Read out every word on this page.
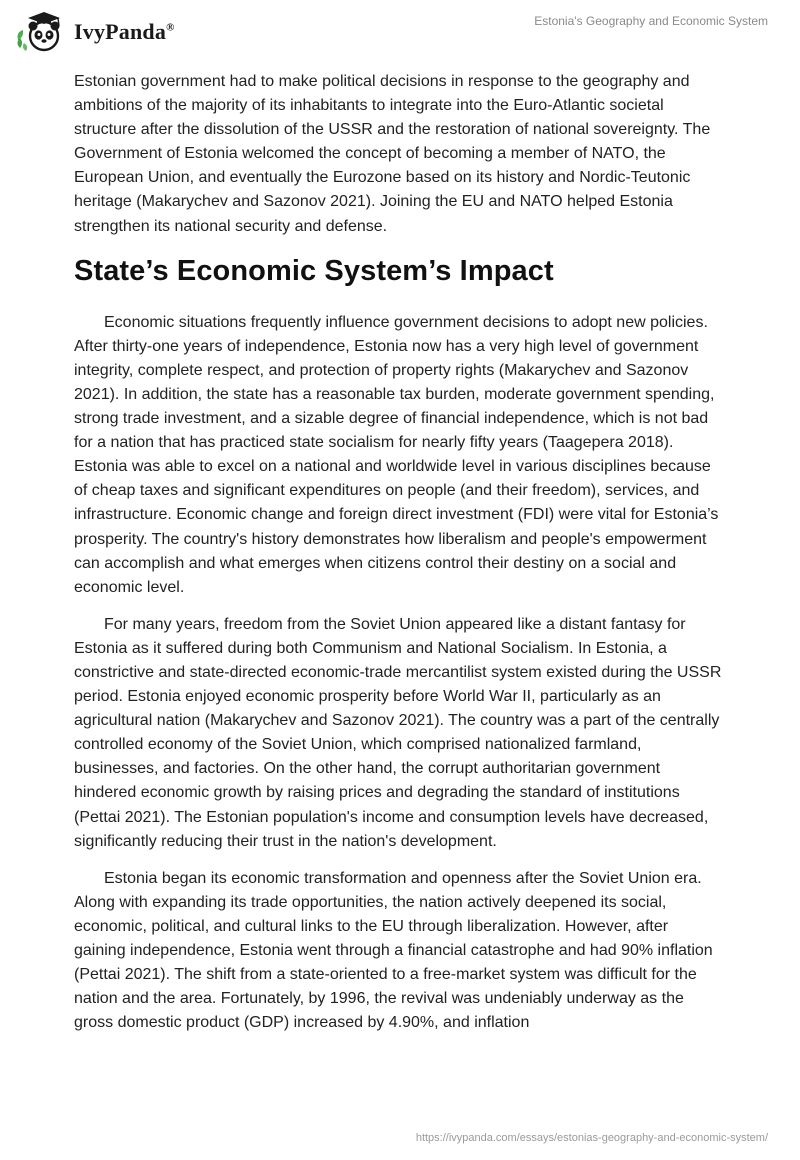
IvyPanda®	Estonia's Geography and Economic System

Estonian government had to make political decisions in response to the geography and ambitions of the majority of its inhabitants to integrate into the Euro-Atlantic societal structure after the dissolution of the USSR and the restoration of national sovereignty. The Government of Estonia welcomed the concept of becoming a member of NATO, the European Union, and eventually the Eurozone based on its history and Nordic-Teutonic heritage (Makarychev and Sazonov 2021). Joining the EU and NATO helped Estonia strengthen its national security and defense.

State’s Economic System’s Impact

Economic situations frequently influence government decisions to adopt new policies. After thirty-one years of independence, Estonia now has a very high level of government integrity, complete respect, and protection of property rights (Makarychev and Sazonov 2021). In addition, the state has a reasonable tax burden, moderate government spending, strong trade investment, and a sizable degree of financial independence, which is not bad for a nation that has practiced state socialism for nearly fifty years (Taagepera 2018). Estonia was able to excel on a national and worldwide level in various disciplines because of cheap taxes and significant expenditures on people (and their freedom), services, and infrastructure. Economic change and foreign direct investment (FDI) were vital for Estonia’s prosperity. The country's history demonstrates how liberalism and people's empowerment can accomplish and what emerges when citizens control their destiny on a social and economic level.

For many years, freedom from the Soviet Union appeared like a distant fantasy for Estonia as it suffered during both Communism and National Socialism. In Estonia, a constrictive and state-directed economic-trade mercantilist system existed during the USSR period. Estonia enjoyed economic prosperity before World War II, particularly as an agricultural nation (Makarychev and Sazonov 2021). The country was a part of the centrally controlled economy of the Soviet Union, which comprised nationalized farmland, businesses, and factories. On the other hand, the corrupt authoritarian government hindered economic growth by raising prices and degrading the standard of institutions (Pettai 2021). The Estonian population's income and consumption levels have decreased, significantly reducing their trust in the nation's development.

Estonia began its economic transformation and openness after the Soviet Union era. Along with expanding its trade opportunities, the nation actively deepened its social, economic, political, and cultural links to the EU through liberalization. However, after gaining independence, Estonia went through a financial catastrophe and had 90% inflation (Pettai 2021). The shift from a state-oriented to a free-market system was difficult for the nation and the area. Fortunately, by 1996, the revival was undeniably underway as the gross domestic product (GDP) increased by 4.90%, and inflation

https://ivypanda.com/essays/estonias-geography-and-economic-system/
